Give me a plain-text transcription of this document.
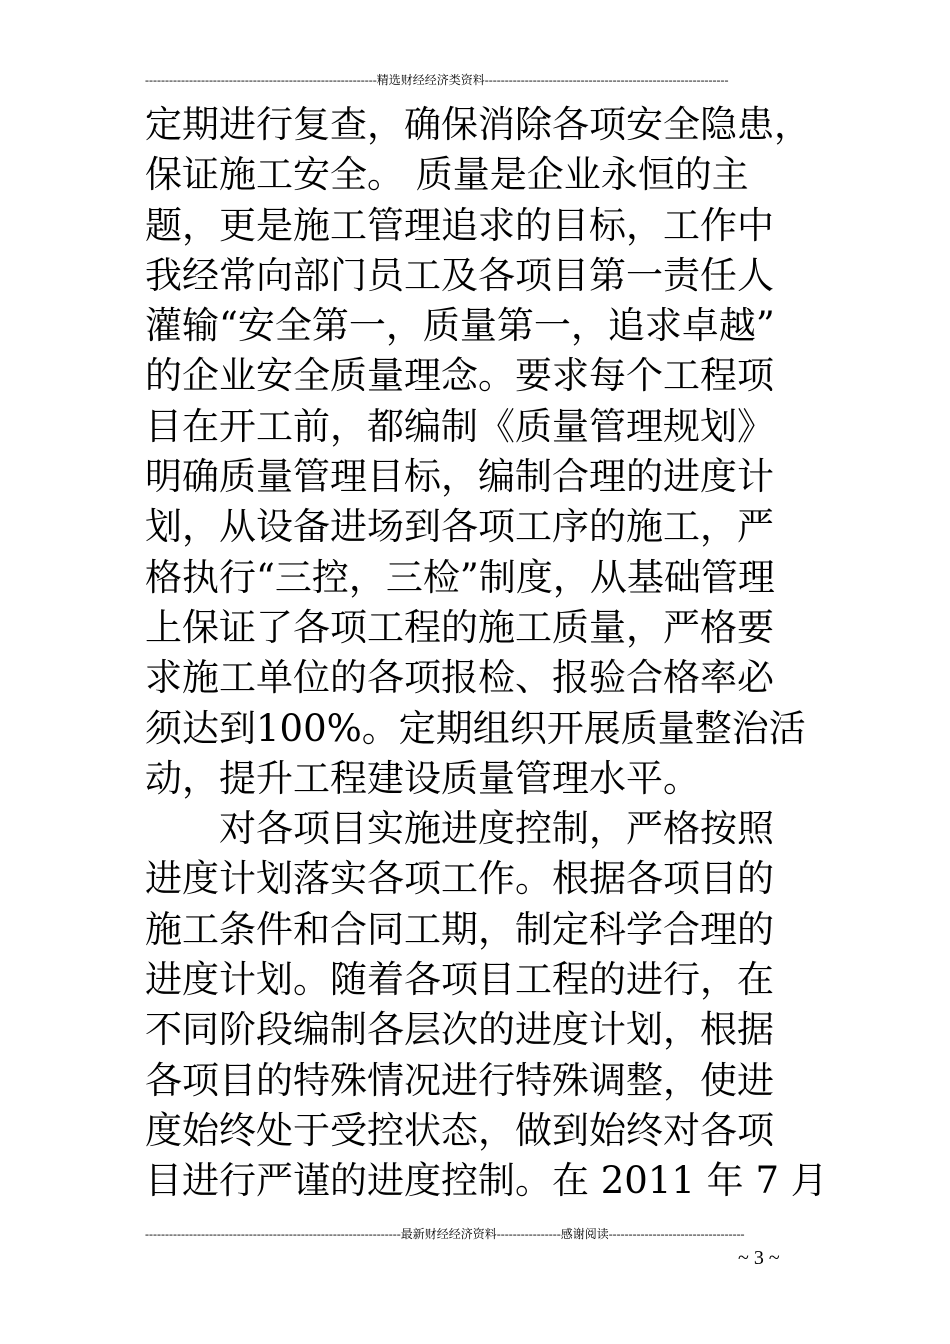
----------------------------------------------------------精选财经经济类资料-------------------------------------------------------------
定期进行复查，确保消除各项安全隐患，
保证施工安全。 质量是企业永恒的主
题，更是施工管理追求的目标，工作中
我经常向部门员工及各项目第一责任人
灌输“安全第一，质量第一，追求卓越”
的企业安全质量理念。要求每个工程项
目在开工前，都编制《质量管理规划》
明确质量管理目标，编制合理的进度计
划，从设备进场到各项工序的施工，严
格执行“三控，三检”制度，从基础管理
上保证了各项工程的施工质量，严格要
求施工单位的各项报检、报验合格率必
须达到100%。定期组织开展质量整治活
动，提升工程建设质量管理水平。
对各项目实施进度控制，严格按照
进度计划落实各项工作。根据各项目的
施工条件和合同工期，制定科学合理的
进度计划。随着各项目工程的进行，在
不同阶段编制各层次的进度计划，根据
各项目的特殊情况进行特殊调整，使进
度始终处于受控状态，做到始终对各项
目进行严谨的进度控制。在 2011 年 7 月
----------------------------------------------------------------最新财经经济资料----------------感谢阅读----------------------------------
~ 3 ~
